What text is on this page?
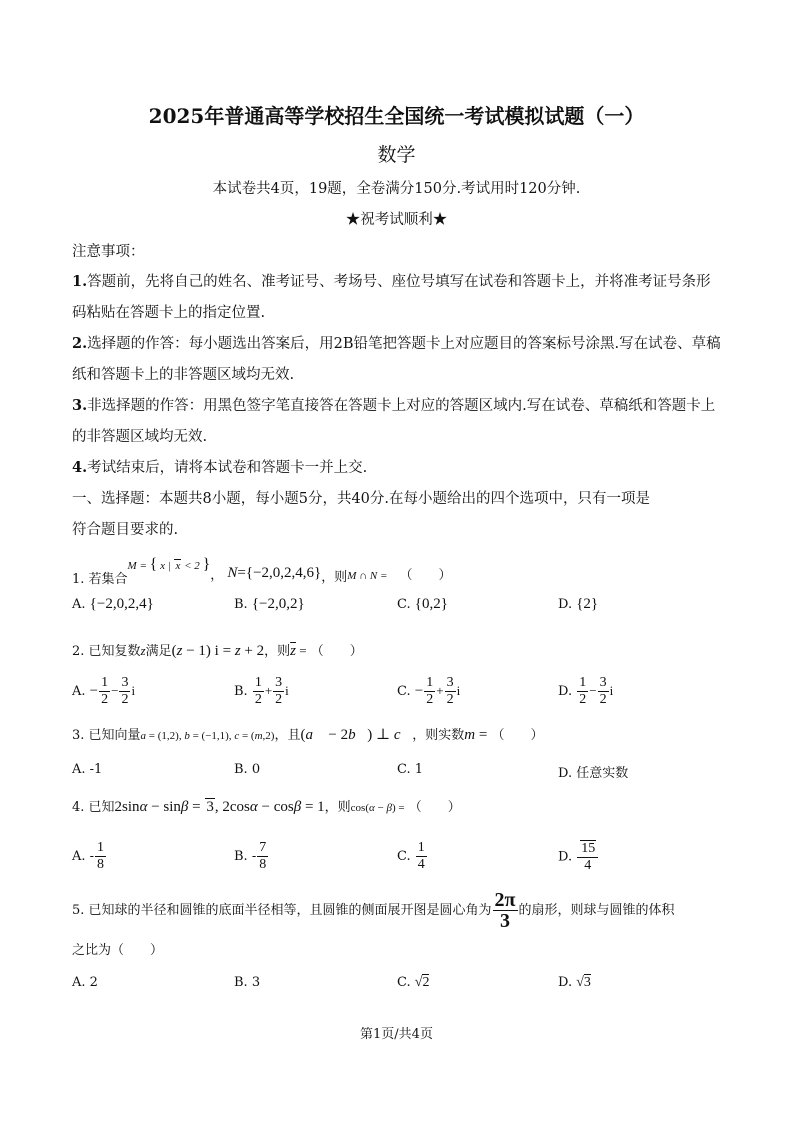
2025年普通高等学校招生全国统一考试模拟试题（一）
数学
本试卷共4页，19题，全卷满分150分.考试用时120分钟.
★祝考试顺利★
注意事项：
1.答题前，先将自己的姓名、准考证号、考场号、座位号填写在试卷和答题卡上，并将准考证号条形码粘贴在答题卡上的指定位置.
2.选择题的作答：每小题选出答案后，用2B铅笔把答题卡上对应题目的答案标号涂黑.写在试卷、草稿纸和答题卡上的非答题区域均无效.
3.非选择题的作答：用黑色签字笔直接答在答题卡上对应的答题区域内.写在试卷、草稿纸和答题卡上的非答题区域均无效.
4.考试结束后，请将本试卷和答题卡一并上交.
一、选择题：本题共8小题，每小题5分，共40分.在每小题给出的四个选项中，只有一项是
符合题目要求的.
1. 若集合$^{M = \{ x | x < 2 \}}$， N={−2,0,2,4,6}，则$_{M \cap N =}$ （　　）
A. {−2,0,2,4}	B. {−2,0,2}	C. {0,2}	D. {2}
2. 已知复数z满足(z − 1) i = z + 2，则$\overline{z}$ = （　　）
A. − $\frac{1}{2} - \frac{3}{2}$ i	B. $\frac{1}{2} + \frac{3}{2}$ i	C. − $\frac{1}{2} + \frac{3}{2}$ i	D. $\frac{1}{2} - \frac{3}{2}$ i
3. 已知向量a = (1,2), b = (−1,1), c = (m,2)，且(a⃗ − 2b⃗) ⊥ c⃗，则实数m = （　　）
A. -1	B. 0	C. 1	D. 任意实数
4. 已知2sinα − sinβ = 3, 2cosα − cosβ = 1，则cos(α − β) = （　　）
A. - $\frac{1}{8}$	B. - $\frac{7}{8}$	C. $\frac{1}{4}$	D. $\frac{15}{4}$
5. 已知球的半径和圆锥的底面半径相等，且圆锥的侧面展开图是圆心角为 $\frac{2\pi}{3}$ 的扇形，则球与圆锥的体积
之比为（　　）
A. 2	B. 3	C. √2	D. √3
第1页/共4页
